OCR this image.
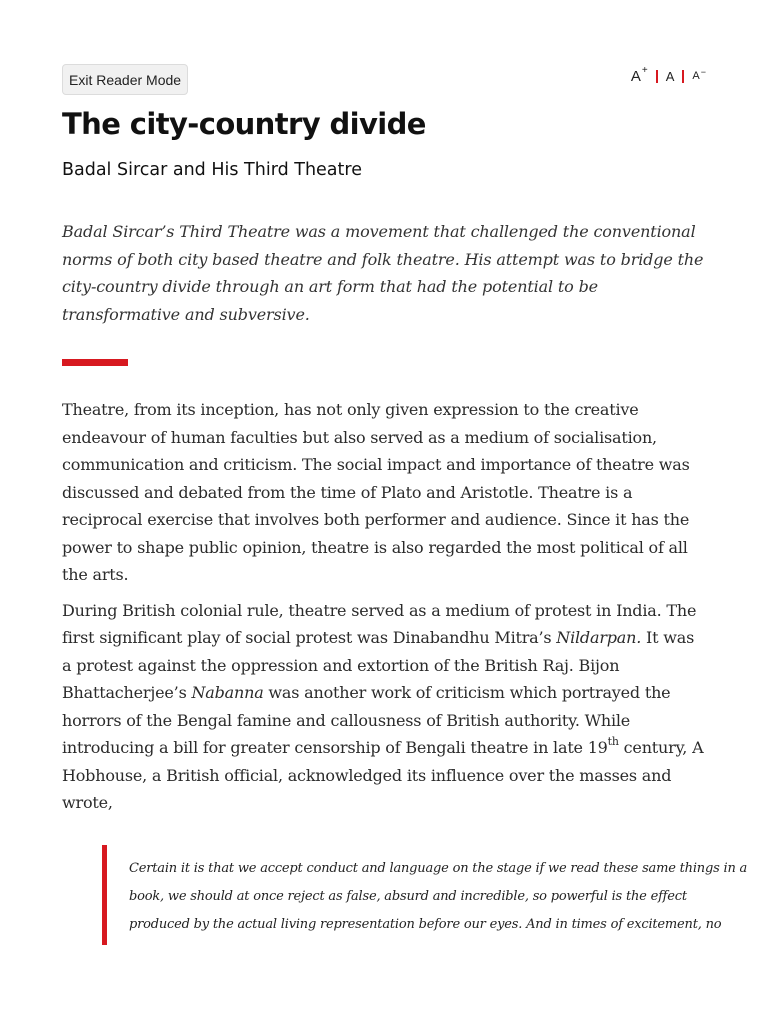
Exit Reader Mode	A+ A A−
The city-country divide
Badal Sircar and His Third Theatre

Badal Sircar’s Third Theatre was a movement that challenged the conventional norms of both city based theatre and folk theatre. His attempt was to bridge the city-country divide through an art form that had the potential to be transformative and subversive.

Theatre, from its inception, has not only given expression to the creative endeavour of human faculties but also served as a medium of socialisation, communication and criticism. The social impact and importance of theatre was discussed and debated from the time of Plato and Aristotle. Theatre is a reciprocal exercise that involves both performer and audience. Since it has the power to shape public opinion, theatre is also regarded the most political of all the arts.

During British colonial rule, theatre served as a medium of protest in India. The first significant play of social protest was Dinabandhu Mitra’s Nildarpan. It was a protest against the oppression and extortion of the British Raj. Bijon Bhattacherjee’s Nabanna was another work of criticism which portrayed the horrors of the Bengal famine and callousness of British authority. While introducing a bill for greater censorship of Bengali theatre in late 19th century, A Hobhouse, a British official, acknowledged its influence over the masses and wrote,

Certain it is that we accept conduct and language on the stage if we read these same things in a book, we should at once reject as false, absurd and incredible, so powerful is the effect produced by the actual living representation before our eyes. And in times of excitement, no
